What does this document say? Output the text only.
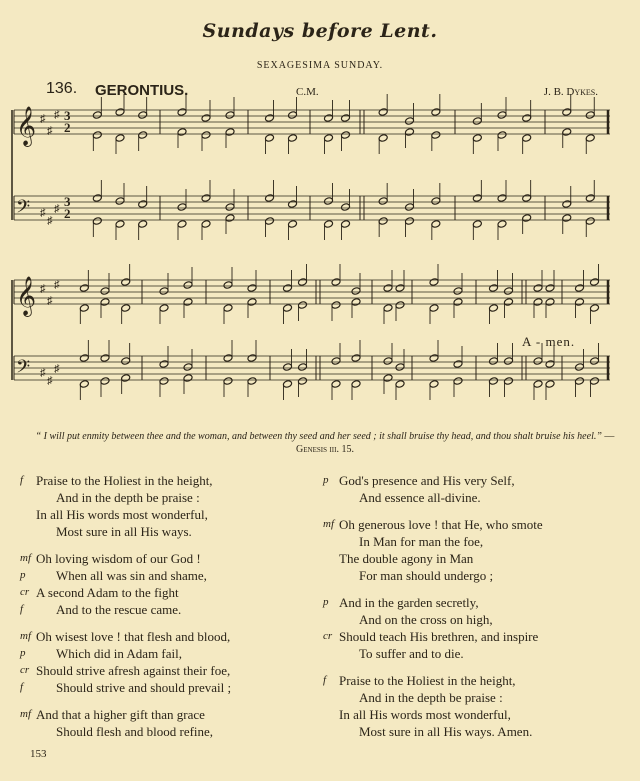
Sundays before Lent.
SEXAGESIMA SUNDAY.
136. GERONTIUS.	C.M.	J. B. Dykes.
𝄞 ♯
♯
♯ 3
2
𝄢 ♯
♯
♯ 3
2
𝄞 ♯
♯
♯
𝄢 ♯
♯
♯
A - men.
“ I will put enmity between thee and the woman, and between thy seed and her seed ; it shall bruise thy head, and thou shalt bruise his heel.” —Genesis iii. 15.
f Praise to the Holiest in the height,
And in the depth be praise :
In all His words most wonderful,
Most sure in all His ways.
mf Oh loving wisdom of our God !
p	When all was sin and shame,
cr A second Adam to the fight
f	And to the rescue came.
mf Oh wisest love ! that flesh and blood,
p	Which did in Adam fail,
cr Should strive afresh against their foe,
f	Should strive and should prevail ;
mf And that a higher gift than grace
Should flesh and blood refine,
p God's presence and His very Self,
And essence all-divine.
mf Oh generous love ! that He, who smote
In Man for man the foe,
The double agony in Man
For man should undergo ;
p And in the garden secretly,
And on the cross on high,
cr Should teach His brethren, and inspire
To suffer and to die.
f Praise to the Holiest in the height,
And in the depth be praise :
In all His words most wonderful,
Most sure in all His ways. Amen.
153
